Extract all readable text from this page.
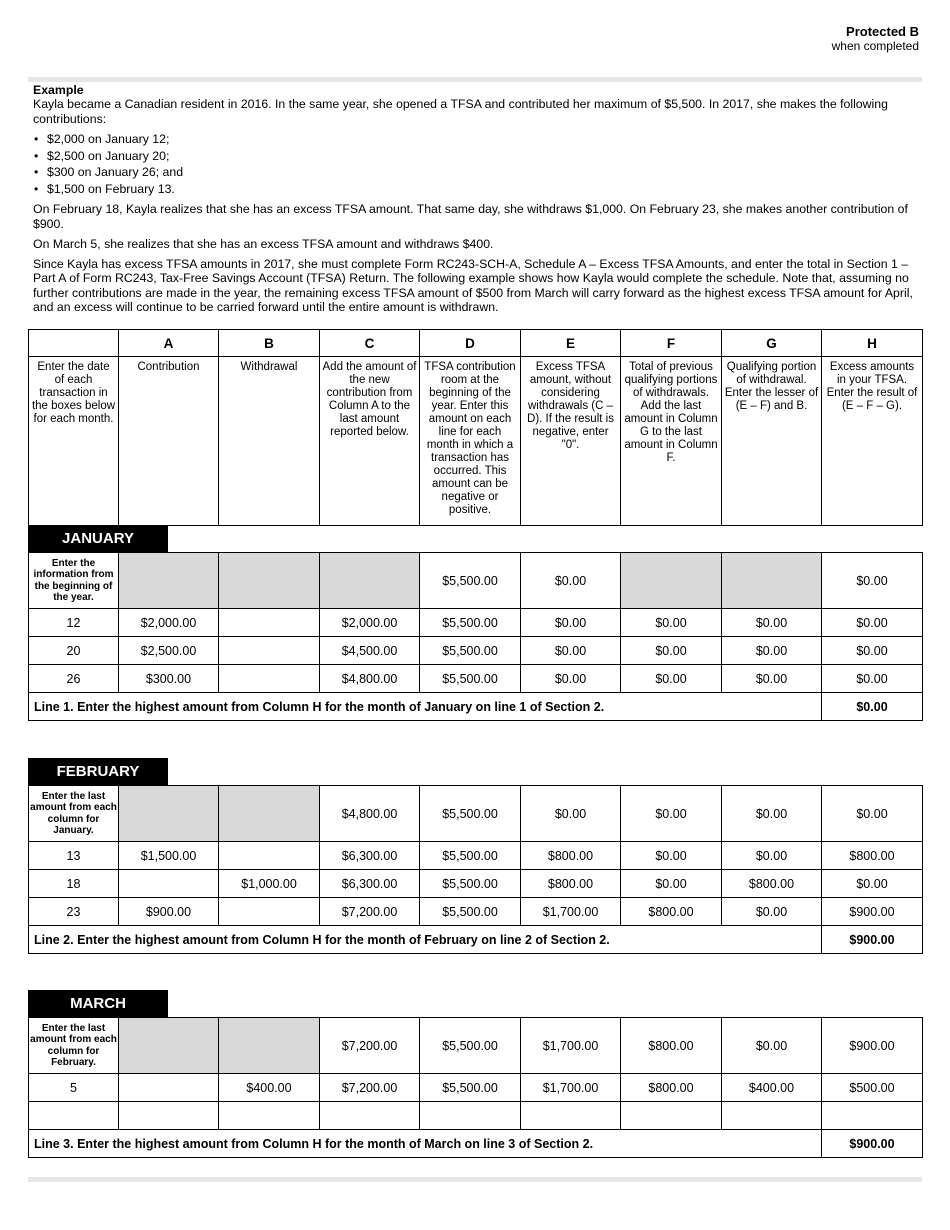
Protected B
when completed

Example

Kayla became a Canadian resident in 2016. In the same year, she opened a TFSA and contributed her maximum of $5,500. In 2017, she makes the following contributions:

• $2,000 on January 12;
• $2,500 on January 20;
• $300 on January 26; and
• $1,500 on February 13.

On February 18, Kayla realizes that she has an excess TFSA amount. That same day, she withdraws $1,000. On February 23, she makes another contribution of $900.

On March 5, she realizes that she has an excess TFSA amount and withdraws $400.

Since Kayla has excess TFSA amounts in 2017, she must complete Form RC243-SCH-A, Schedule A – Excess TFSA Amounts, and enter the total in Section 1 – Part A of Form RC243, Tax-Free Savings Account (TFSA) Return. The following example shows how Kayla would complete the schedule. Note that, assuming no further contributions are made in the year, the remaining excess TFSA amount of $500 from March will carry forward as the highest excess TFSA amount for April, and an excess will continue to be carried forward until the entire amount is withdrawn.

	A	B	C	D	E	F	G	H
Enter the date of each transaction in the boxes below for each month.	Contribution	Withdrawal	Add the amount of the new contribution from Column A to the last amount reported below.	TFSA contribution room at the beginning of the year. Enter this amount on each line for each month in which a transaction has occurred. This amount can be negative or positive.	Excess TFSA amount, without considering withdrawals (C – D). If the result is negative, enter "0".	Total of previous qualifying portions of withdrawals. Add the last amount in Column G to the last amount in Column F.	Qualifying portion of withdrawal. Enter the lesser of (E – F) and B.	Excess amounts in your TFSA. Enter the result of (E – F – G).
JANUARY
Enter the information from the beginning of the year.				$5,500.00	$0.00			$0.00
12	$2,000.00		$2,000.00	$5,500.00	$0.00	$0.00	$0.00	$0.00
20	$2,500.00		$4,500.00	$5,500.00	$0.00	$0.00	$0.00	$0.00
26	$300.00		$4,800.00	$5,500.00	$0.00	$0.00	$0.00	$0.00
Line 1. Enter the highest amount from Column H for the month of January on line 1 of Section 2.								$0.00
FEBRUARY
Enter the last amount from each column for January.			$4,800.00	$5,500.00	$0.00	$0.00	$0.00	$0.00
13	$1,500.00		$6,300.00	$5,500.00	$800.00	$0.00	$0.00	$800.00
18		$1,000.00	$6,300.00	$5,500.00	$800.00	$0.00	$800.00	$0.00
23	$900.00		$7,200.00	$5,500.00	$1,700.00	$800.00	$0.00	$900.00
Line 2. Enter the highest amount from Column H for the month of February on line 2 of Section 2.								$900.00
MARCH
Enter the last amount from each column for February.			$7,200.00	$5,500.00	$1,700.00	$800.00	$0.00	$900.00
5		$400.00	$7,200.00	$5,500.00	$1,700.00	$800.00	$400.00	$500.00

Line 3. Enter the highest amount from Column H for the month of March on line 3 of Section 2.								$900.00
